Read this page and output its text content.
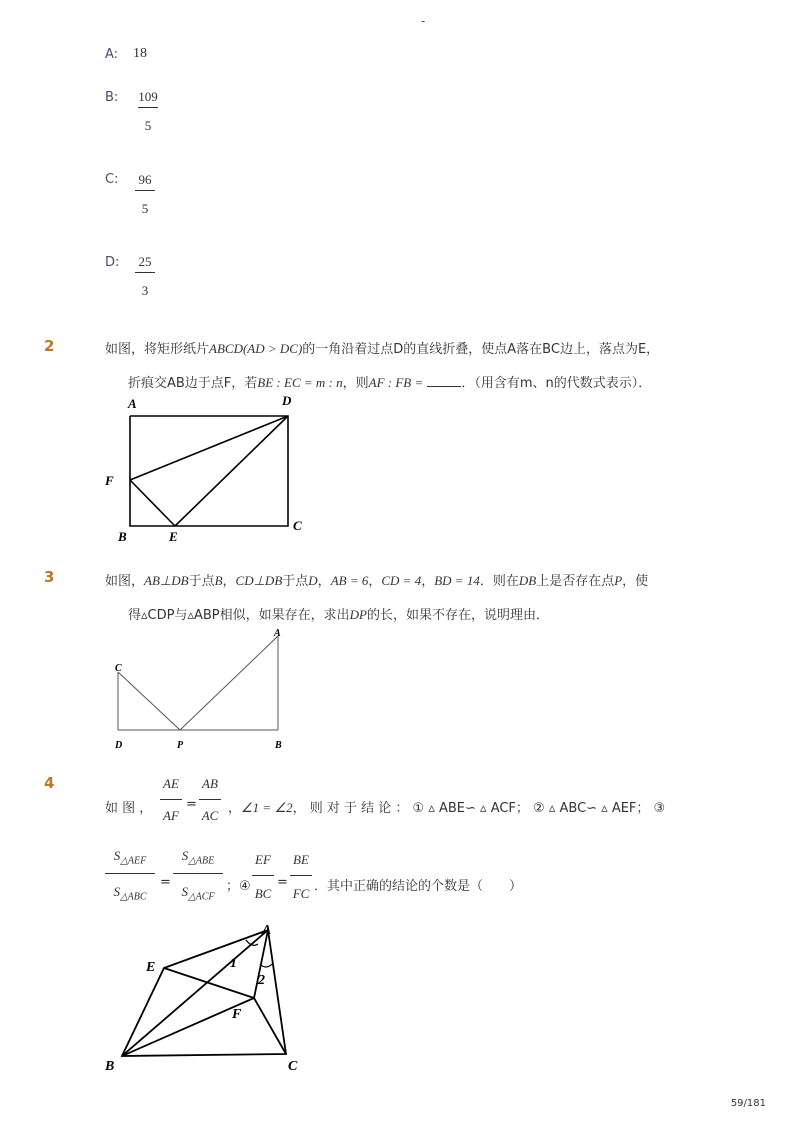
-
A: 18
B: 109
5
C:	96
5
D:	25
3
2	如图，将矩形纸片ABCD(AD > DC)的一角沿着过点D的直线折叠，使点A落在BC边上，落点为E，
折痕交AB边于点F，若BE : EC = m : n，则AF : FB =	．（用含有m、n的代数式表示）．
A	D
F
B	E
C
3	如图，AB⊥DB于点B，CD⊥DB于点D，AB = 6，CD = 4，BD = 14．则在DB上是否存在点P，使
得▵CDP与▵ABP相似，如果存在，求出DP的长，如果不存在，说明理由．
C
A
D	P	B
4
如 图 ，
AE
AF
=
AB
AC ，∠1 = ∠2， 则 对 于 结 论 ： ① ▵ ABE∽ ▵ ACF； ② ▵ ABC∽ ▵ AEF； ③
$S_{\triangle AEF}$
$S_{\triangle ABC}$
=
$S_{\triangle ABE}$
$S_{\triangle ACF}$
；④
EF
BC
=
BE
FC ．其中正确的结论的个数是（　　）
A
E
F
B	C
1
2
59/181
